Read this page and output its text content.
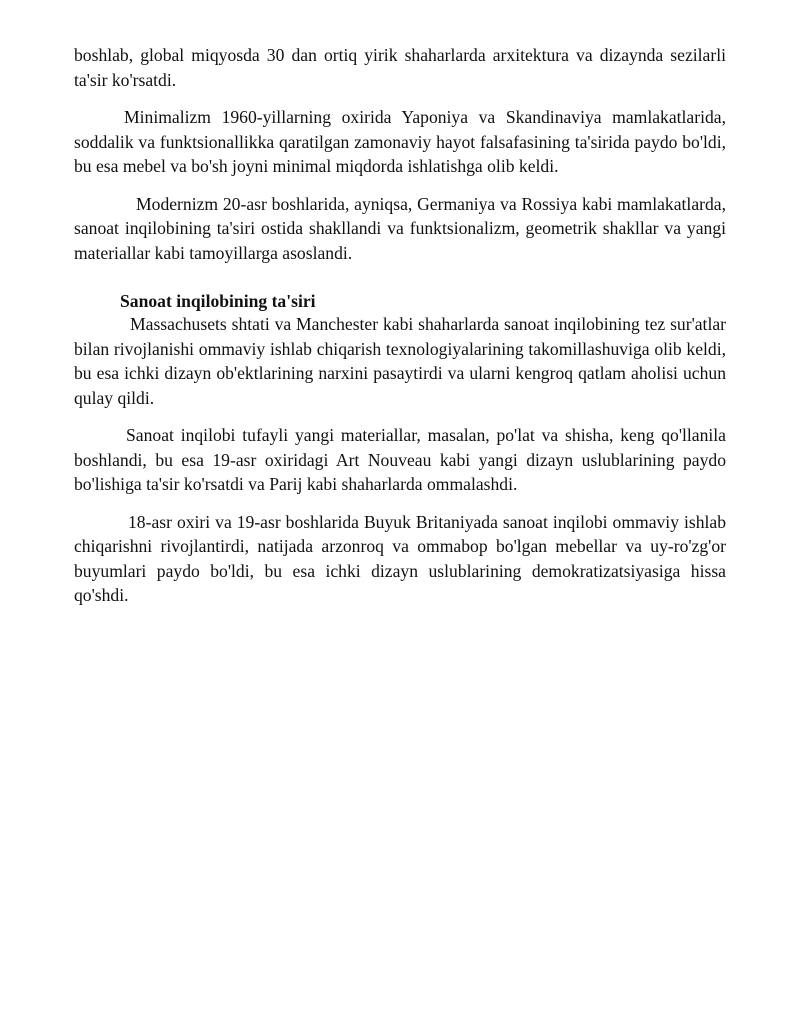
boshlab, global miqyosda 30 dan ortiq yirik shaharlarda arxitektura va dizaynda sezilarli ta'sir ko'rsatdi.

Minimalizm 1960-yillarning oxirida Yaponiya va Skandinaviya mamlakatlarida, soddalik va funktsionallikka qaratilgan zamonaviy hayot falsafasining ta'sirida paydo bo'ldi, bu esa mebel va bo'sh joyni minimal miqdorda ishlatishga olib keldi.

Modernizm 20-asr boshlarida, ayniqsa, Germaniya va Rossiya kabi mamlakatlarda, sanoat inqilobining ta'siri ostida shakllandi va funktsionalizm, geometrik shakllar va yangi materiallar kabi tamoyillarga asoslandi.

Sanoat inqilobining ta'siri

Massachusets shtati va Manchester kabi shaharlarda sanoat inqilobining tez sur'atlar bilan rivojlanishi ommaviy ishlab chiqarish texnologiyalarining takomillashuviga olib keldi, bu esa ichki dizayn ob'ektlarining narxini pasaytirdi va ularni kengroq qatlam aholisi uchun qulay qildi.

Sanoat inqilobi tufayli yangi materiallar, masalan, po'lat va shisha, keng qo'llanila boshlandi, bu esa 19-asr oxiridagi Art Nouveau kabi yangi dizayn uslublarining paydo bo'lishiga ta'sir ko'rsatdi va Parij kabi shaharlarda ommalashdi.

18-asr oxiri va 19-asr boshlarida Buyuk Britaniyada sanoat inqilobi ommaviy ishlab chiqarishni rivojlantirdi, natijada arzonroq va ommabop bo'lgan mebellar va uy-ro'zg'or buyumlari paydo bo'ldi, bu esa ichki dizayn uslublarining demokratizatsiyasiga hissa qo'shdi.
